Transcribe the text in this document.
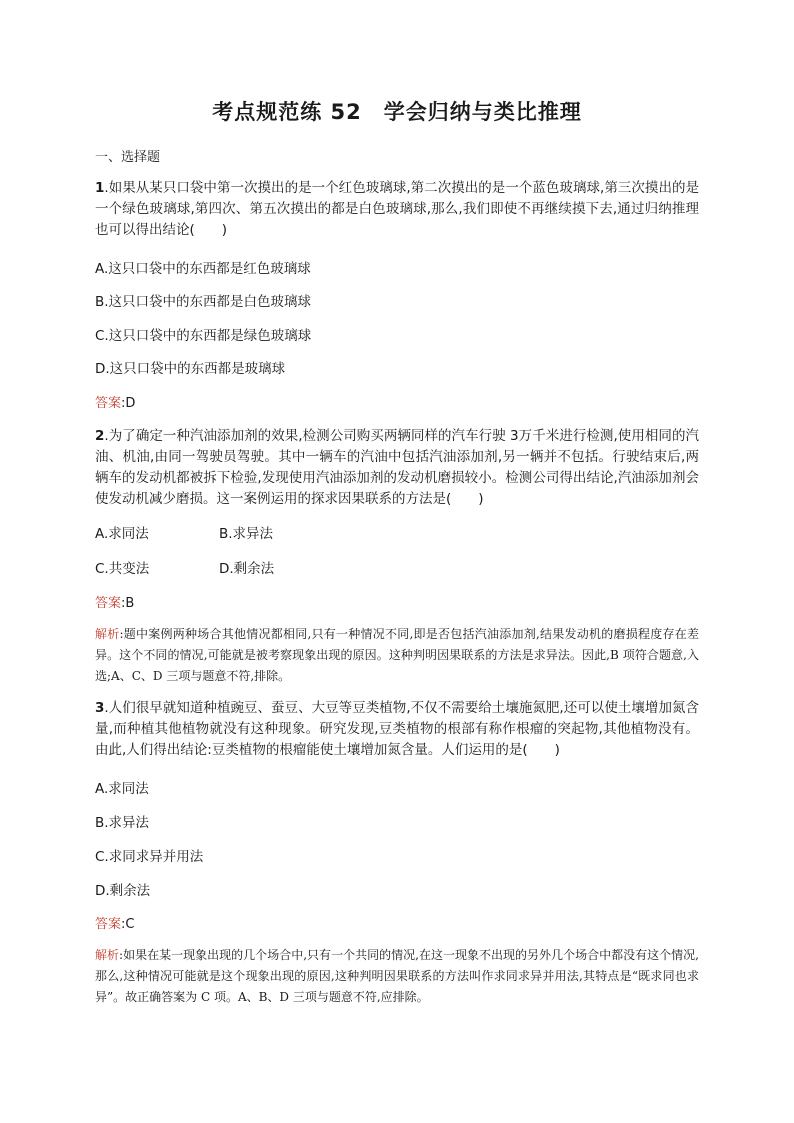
考点规范练 52　学会归纳与类比推理
一、选择题
1.如果从某只口袋中第一次摸出的是一个红色玻璃球,第二次摸出的是一个蓝色玻璃球,第三次摸出的是一个绿色玻璃球,第四次、第五次摸出的都是白色玻璃球,那么,我们即使不再继续摸下去,通过归纳推理也可以得出结论(　　)
A.这只口袋中的东西都是红色玻璃球
B.这只口袋中的东西都是白色玻璃球
C.这只口袋中的东西都是绿色玻璃球
D.这只口袋中的东西都是玻璃球
答案:D
2.为了确定一种汽油添加剂的效果,检测公司购买两辆同样的汽车行驶 3万千米进行检测,使用相同的汽油、机油,由同一驾驶员驾驶。其中一辆车的汽油中包括汽油添加剂,另一辆并不包括。行驶结束后,两辆车的发动机都被拆下检验,发现使用汽油添加剂的发动机磨损较小。检测公司得出结论,汽油添加剂会使发动机减少磨损。这一案例运用的探求因果联系的方法是(　　)
A.求同法	B.求异法
C.共变法	D.剩余法
答案:B
解析:题中案例两种场合其他情况都相同,只有一种情况不同,即是否包括汽油添加剂,结果发动机的磨损程度存在差异。这个不同的情况,可能就是被考察现象出现的原因。这种判明因果联系的方法是求异法。因此,B 项符合题意,入选;A、C、D 三项与题意不符,排除。
3.人们很早就知道种植豌豆、蚕豆、大豆等豆类植物,不仅不需要给土壤施氮肥,还可以使土壤增加氮含量,而种植其他植物就没有这种现象。研究发现,豆类植物的根部有称作根瘤的突起物,其他植物没有。由此,人们得出结论:豆类植物的根瘤能使土壤增加氮含量。人们运用的是(　　)
A.求同法
B.求异法
C.求同求异并用法
D.剩余法
答案:C
解析:如果在某一现象出现的几个场合中,只有一个共同的情况,在这一现象不出现的另外几个场合中都没有这个情况,那么,这种情况可能就是这个现象出现的原因,这种判明因果联系的方法叫作求同求异并用法,其特点是“既求同也求异”。故正确答案为 C 项。A、B、D 三项与题意不符,应排除。
